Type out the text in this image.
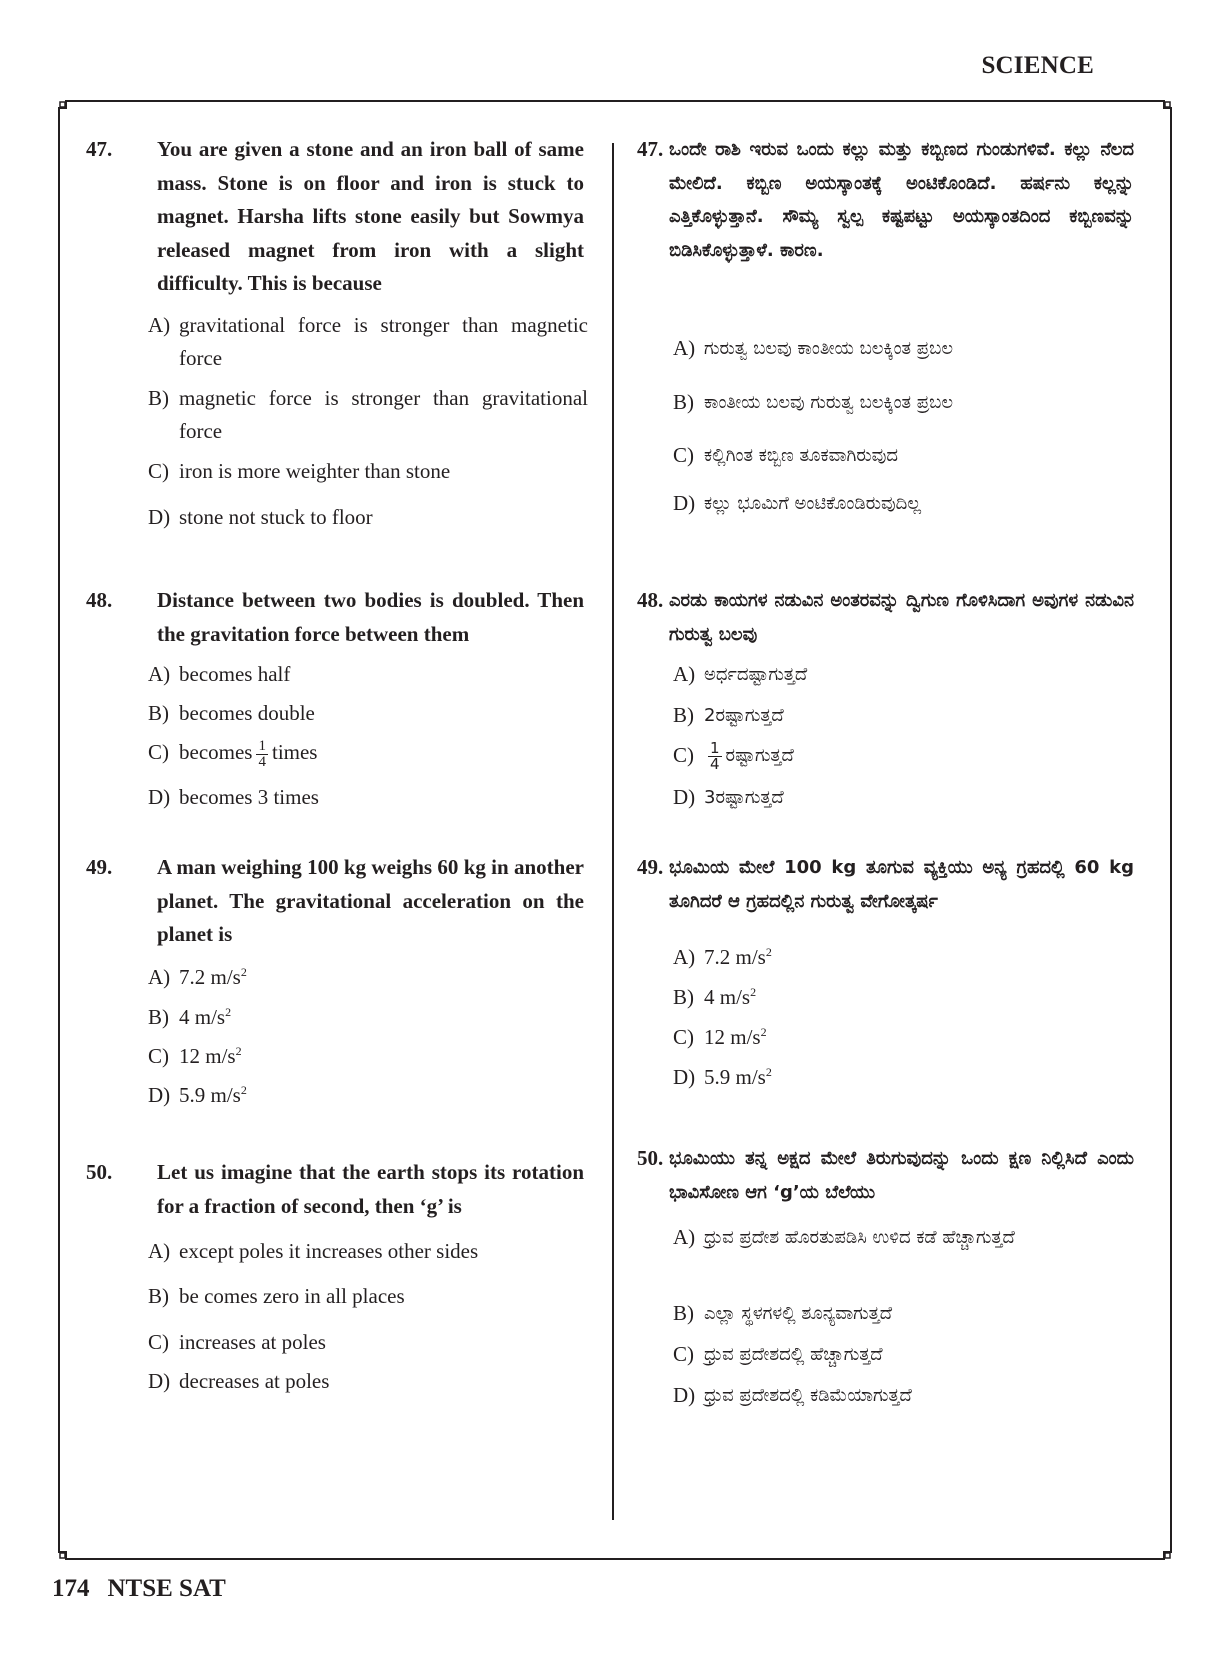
SCIENCE
47.	You are given a stone and an iron ball of same mass. Stone is on floor and iron is stuck to magnet. Harsha lifts stone easily but Sowmya released magnet from iron with a slight difficulty. This is because
A) gravitational force is stronger than magnetic force
B) magnetic force is stronger than gravitational force
C) iron is more weighter than stone
D) stone not stuck to floor
48.	Distance between two bodies is doubled. Then the gravitation force between them
A) becomes half
B) becomes double
C) becomes $\frac{1}{4}$ times
D) becomes 3 times
49.	A man weighing 100 kg weighs 60 kg in another planet. The gravitational acceleration on the planet is
A) 7.2 $m/s^2$
B) 4 $m/s^2$
C) 12 $m/s^2$
D) 5.9 $m/s^2$
50.	Let us imagine that the earth stops its rotation for a fraction of second, then ‘g’ is
A) except poles it increases other sides
B) be comes zero in all places
C) increases at poles
D) decreases at poles
47. ಒಂದೇ ರಾಶಿ ಇರುವ ಒಂದು ಕಲ್ಲು ಮತ್ತು ಕಬ್ಬಿಣದ ಗುಂಡುಗಳಿವೆ. ಕಲ್ಲು ನೆಲದ ಮೇಲಿದೆ. ಕಬ್ಬಿಣ ಅಯಸ್ಕಾಂತಕ್ಕೆ ಅಂಟಿಕೊಂಡಿದೆ. ಹರ್ಷನು ಕಲ್ಲನ್ನು ಎತ್ತಿಕೊಳ್ಳುತ್ತಾನೆ. ಸೌಮ್ಯ ಸ್ವಲ್ಪ ಕಷ್ಟಪಟ್ಟು ಅಯಸ್ಕಾಂತದಿಂದ ಕಬ್ಬಿಣವನ್ನು ಬಿಡಿಸಿಕೊಳ್ಳುತ್ತಾಳೆ. ಕಾರಣ.
A) ಗುರುತ್ವ ಬಲವು ಕಾಂತೀಯ ಬಲಕ್ಕಿಂತ ಪ್ರಬಲ
B) ಕಾಂತೀಯ ಬಲವು ಗುರುತ್ವ ಬಲಕ್ಕಿಂತ ಪ್ರಬಲ
C) ಕಲ್ಲಿಗಿಂತ ಕಬ್ಬಿಣ ತೂಕವಾಗಿರುವುದ
D) ಕಲ್ಲು ಭೂಮಿಗೆ ಅಂಟಿಕೊಂಡಿರುವುದಿಲ್ಲ
48. ಎರಡು ಕಾಯಗಳ ನಡುವಿನ ಅಂತರವನ್ನು ದ್ವಿಗುಣ ಗೊಳಿಸಿದಾಗ ಅವುಗಳ ನಡುವಿನ ಗುರುತ್ವ ಬಲವು
A) ಅರ್ಧದಷ್ಟಾಗುತ್ತದೆ
B) 2ರಷ್ಟಾಗುತ್ತದೆ
$C) \frac{1}{4}$ ರಷ್ಟಾಗುತ್ತದೆ
D) 3ರಷ್ಟಾಗುತ್ತದೆ
49. ಭೂಮಿಯ ಮೇಲೆ 100 kg ತೂಗುವ ವ್ಯಕ್ತಿಯು ಅನ್ಯ ಗ್ರಹದಲ್ಲಿ 60 kg ತೂಗಿದರೆ ಆ ಗ್ರಹದಲ್ಲಿನ ಗುರುತ್ವ ವೇಗೋತ್ಕರ್ಷ
A) 7.2 $m/s^2$
B) 4 $m/s^2$
C) 12 $m/s^2$
D) 5.9 $m/s^2$
50. ಭೂಮಿಯು ತನ್ನ ಅಕ್ಷದ ಮೇಲೆ ತಿರುಗುವುದನ್ನು ಒಂದು ಕ್ಷಣ ನಿಲ್ಲಿಸಿದೆ ಎಂದು ಭಾವಿಸೋಣ ಆಗ ‘g’ಯ ಬೆಲೆಯು
A) ಧ್ರುವ ಪ್ರದೇಶ ಹೊರತುಪಡಿಸಿ ಉಳಿದ ಕಡೆ ಹೆಚ್ಚಾಗುತ್ತದೆ
B) ಎಲ್ಲಾ ಸ್ಥಳಗಳಲ್ಲಿ ಶೂನ್ಯವಾಗುತ್ತದೆ
C) ಧ್ರುವ ಪ್ರದೇಶದಲ್ಲಿ ಹೆಚ್ಚಾಗುತ್ತದೆ
D) ಧ್ರುವ ಪ್ರದೇಶದಲ್ಲಿ ಕಡಿಮೆಯಾಗುತ್ತದೆ
174 NTSE SAT
